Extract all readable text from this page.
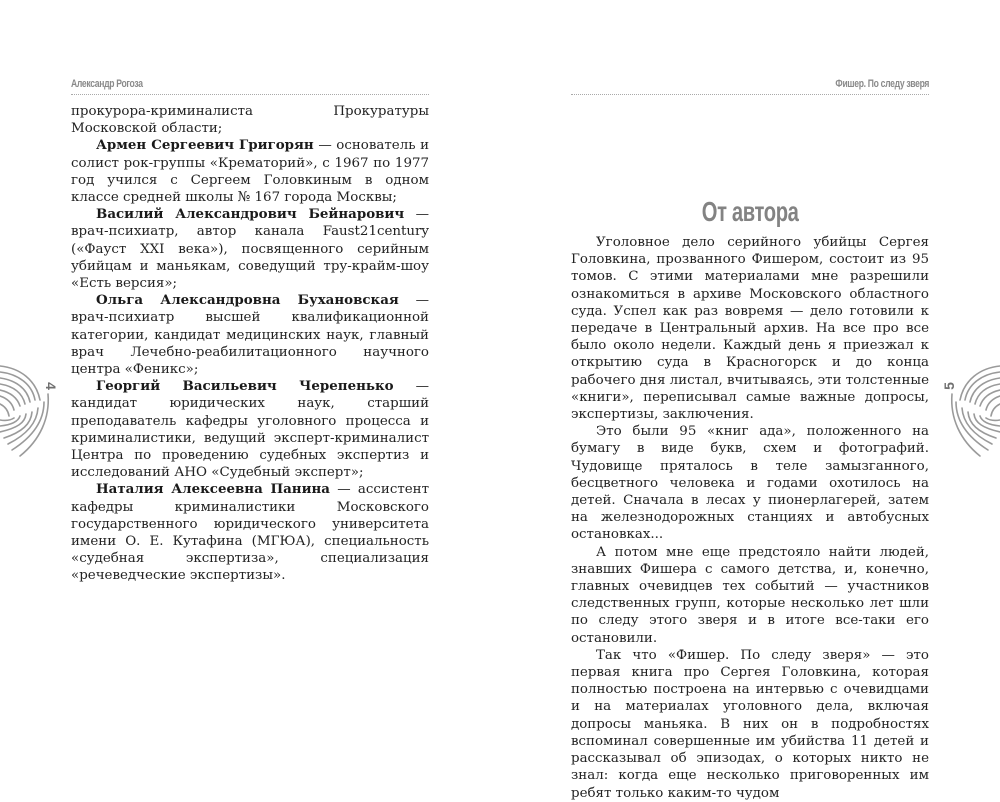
Александр Рогоза

прокурора-криминалиста Прокуратуры Московской области;

Армен Сергеевич Григорян — основатель и солист рок-группы «Крематорий», с 1967 по 1977 год учился с Сергеем Головкиным в одном классе средней школы № 167 города Москвы;

Василий Александрович Бейнарович — врач-психиатр, автор канала Faust21century («Фауст XXI века»), посвященного серийным убийцам и маньякам, соведущий тру-крайм-шоу «Есть версия»;

Ольга Александровна Бухановская — врач-психиатр высшей квалификационной категории, кандидат медицинских наук, главный врач Лечебно-реабилитационного научного центра «Феникс»;

Георгий Васильевич Черепенько — кандидат юридических наук, старший преподаватель кафедры уголовного процесса и криминалистики, ведущий эксперт-криминалист Центра по проведению судебных экспертиз и исследований АНО «Судебный эксперт»;

Наталия Алексеевна Панина — ассистент кафедры криминалистики Московского государственного юридического университета имени О. Е. Кутафина (МГЮА), специальность «судебная экспертиза», специализация «речеведческие экспертизы».

4
Фишер. По следу зверя
От автора

Уголовное дело серийного убийцы Сергея Головкина, прозванного Фишером, состоит из 95 томов. С этими материалами мне разрешили ознакомиться в архиве Московского областного суда. Успел как раз вовремя — дело готовили к передаче в Центральный архив. На все про все было около недели. Каждый день я приезжал к открытию суда в Красногорск и до конца рабочего дня листал, вчитываясь, эти толстенные «книги», переписывал самые важные допросы, экспертизы, заключения.

Это были 95 «книг ада», положенного на бумагу в виде букв, схем и фотографий. Чудовище пряталось в теле замызганного, бесцветного человека и годами охотилось на детей. Сначала в лесах у пионерлагерей, затем на железнодорожных станциях и автобусных остановках...

А потом мне еще предстояло найти людей, знавших Фишера с самого детства, и, конечно, главных очевидцев тех событий — участников следственных групп, которые несколько лет шли по следу этого зверя и в итоге все-таки его остановили.

Так что «Фишер. По следу зверя» — это первая книга про Сергея Головкина, которая полностью построена на интервью с очевидцами и на материалах уголовного дела, включая допросы маньяка. В них он в подробностях вспоминал совершенные им убийства 11 детей и рассказывал об эпизодах, о которых никто не знал: когда еще несколько приговоренных им ребят только каким-то чудом

5
